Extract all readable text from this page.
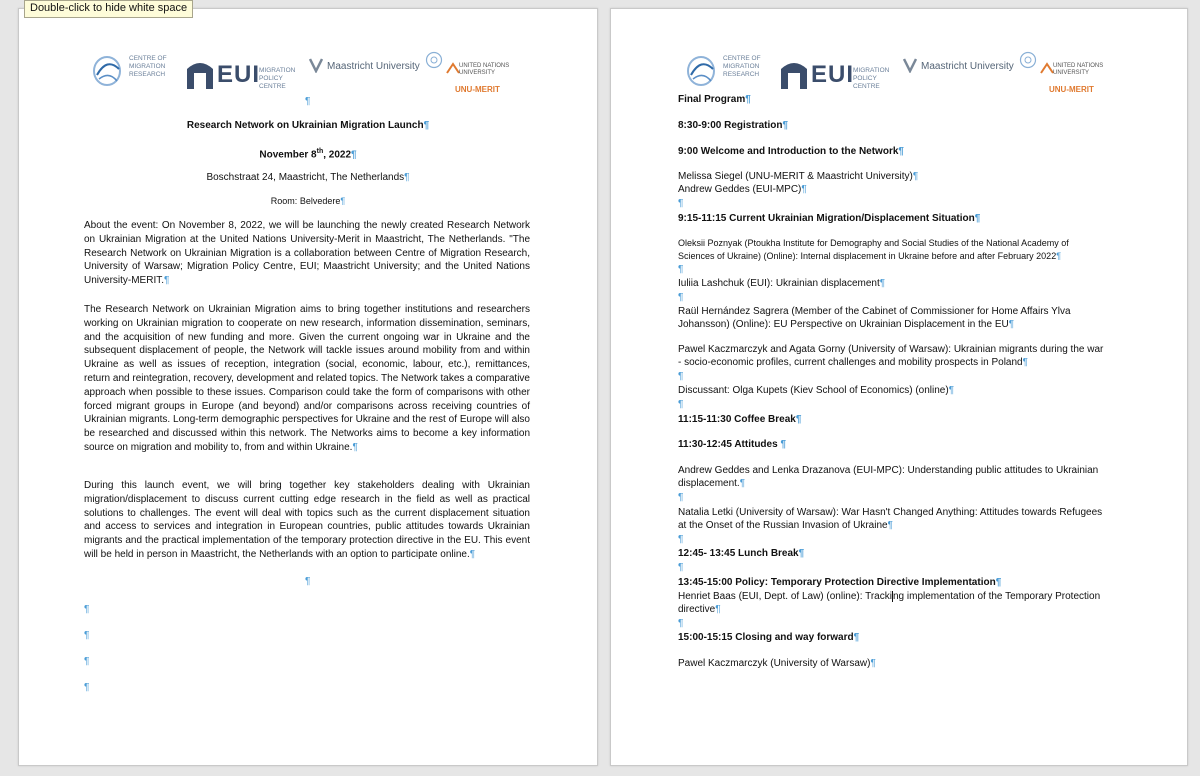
Double-click to hide white space
CENTRE OF
MIGRATION
RESEARCH EUI
MIGRATION
POLICY
CENTRE
Maastricht University	UNITED NATIONS
UNIVERSITY
UNU-MERIT
¶
Research Network on Ukrainian Migration Launch¶
November 8th, 2022¶
Boschstraat 24, Maastricht, The Netherlands¶
Room: Belvedere¶
About the event: On November 8, 2022, we will be launching the newly created Research Network on Ukrainian Migration at the United Nations University-Merit in Maastricht, The Netherlands. "The Research Network on Ukrainian Migration is a collaboration between Centre of Migration Research, University of Warsaw; Migration Policy Centre, EUI; Maastricht University; and the United Nations University-MERIT.¶
The Research Network on Ukrainian Migration aims to bring together institutions and researchers working on Ukrainian migration to cooperate on new research, information dissemination, seminars, and the acquisition of new funding and more. Given the current ongoing war in Ukraine and the subsequent displacement of people, the Network will tackle issues around mobility from and within Ukraine as well as issues of reception, integration (social, economic, labour, etc.), remittances, return and reintegration, recovery, development and related topics. The Network takes a comparative approach when possible to these issues. Comparison could take the form of comparisons with other forced migrant groups in Europe (and beyond) and/or comparisons across receiving countries of Ukrainian migrants. Long-term demographic perspectives for Ukraine and the rest of Europe will also be researched and discussed within this network. The Networks aims to become a key information source on migration and mobility to, from and within Ukraine.¶
During this launch event, we will bring together key stakeholders dealing with Ukrainian migration/displacement to discuss current cutting edge research in the field as well as practical solutions to challenges. The event will deal with topics such as the current displacement situation and access to services and integration in European countries, public attitudes towards Ukrainian migrants and the practical implementation of the temporary protection directive in the EU. This event will be held in person in Maastricht, the Netherlands with an option to participate online.¶
¶
¶
¶
¶
¶
CENTRE OF
MIGRATION
RESEARCH EUI
MIGRATION
POLICY
CENTRE
Maastricht University	UNITED NATIONS
UNIVERSITY
UNU-MERIT
Final Program¶
8:30-9:00 Registration¶
9:00 Welcome and Introduction to the Network¶
Melissa Siegel (UNU-MERIT & Maastricht University)¶
Andrew Geddes (EUI-MPC)¶
¶
9:15-11:15 Current Ukrainian Migration/Displacement Situation¶
Oleksii Poznyak (Ptoukha Institute for Demography and Social Studies of the National Academy of
Sciences of Ukraine) (Online): Internal displacement in Ukraine before and after February 2022¶
¶
Iuliia Lashchuk (EUI): Ukrainian displacement¶
¶
Raül Hernández Sagrera (Member of the Cabinet of Commissioner for Home Affairs Ylva
Johansson) (Online): EU Perspective on Ukrainian Displacement in the EU¶
Pawel Kaczmarczyk and Agata Gorny (University of Warsaw): Ukrainian migrants during the war
- socio-economic profiles, current challenges and mobility prospects in Poland¶
¶
Discussant: Olga Kupets (Kiev School of Economics) (online)¶
¶
11:15-11:30 Coffee Break¶
11:30-12:45 Attitudes ¶
Andrew Geddes and Lenka Drazanova (EUI-MPC): Understanding public attitudes to Ukrainian
displacement.¶
¶
Natalia Letki (University of Warsaw): War Hasn't Changed Anything: Attitudes towards Refugees
at the Onset of the Russian Invasion of Ukraine¶
¶
12:45- 13:45 Lunch Break¶
¶
13:45-15:00 Policy: Temporary Protection Directive Implementation¶
Henriet Baas (EUI, Dept. of Law) (online): Tracking implementation of the Temporary Protection
directive¶
¶
15:00-15:15 Closing and way forward¶
Pawel Kaczmarczyk (University of Warsaw)¶
